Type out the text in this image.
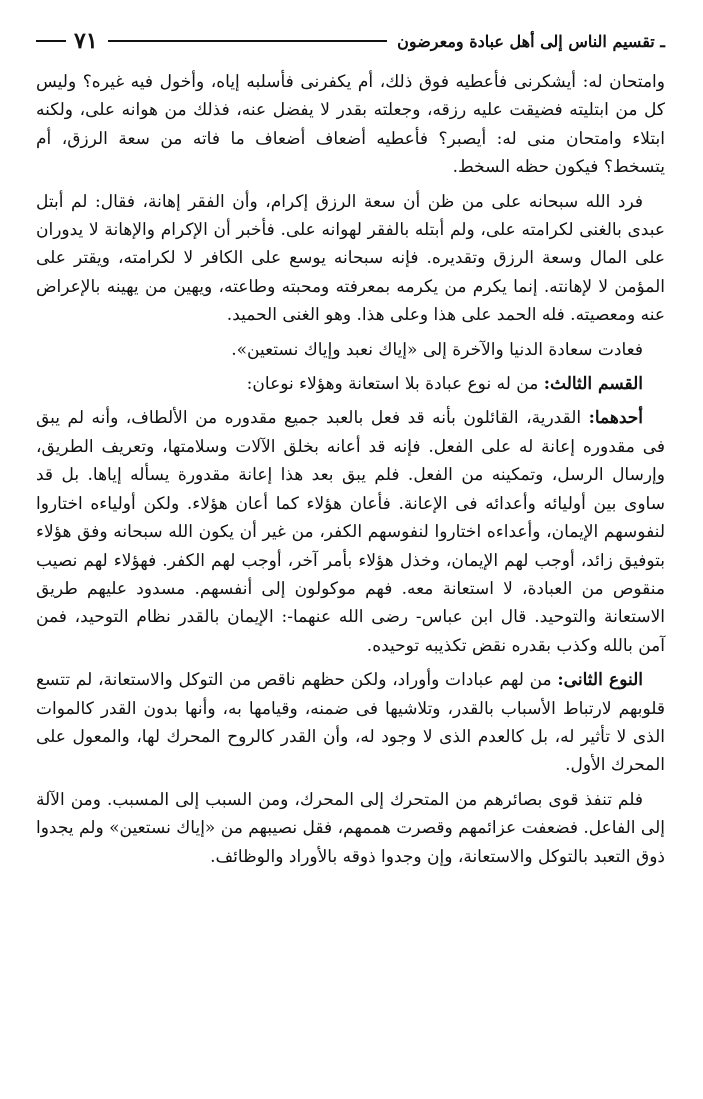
ـ تقسيم الناس إلى أهل عبادة ومعرضون
٧١

وامتحان له: أيشكرنى فأعطيه فوق ذلك، أم يكفرنى فأسلبه إياه، وأخول فيه غيره؟ وليس كل من ابتليته فضيقت عليه رزقه، وجعلته بقدر لا يفضل عنه، فذلك من هوانه على، ولكنه ابتلاء وامتحان منى له: أيصبر؟ فأعطيه أضعاف أضعاف ما فاته من سعة الرزق، أم يتسخط؟ فيكون حظه السخط.

فرد الله سبحانه على من ظن أن سعة الرزق إكرام، وأن الفقر إهانة، فقال: لم أبتل عبدى بالغنى لكرامته على، ولم أبتله بالفقر لهوانه على. فأخبر أن الإكرام والإهانة لا يدوران على المال وسعة الرزق وتقديره. فإنه سبحانه يوسع على الكافر لا لكرامته، ويقتر على المؤمن لا لإهانته. إنما يكرم من يكرمه بمعرفته ومحبته وطاعته، ويهين من يهينه بالإعراض عنه ومعصيته. فله الحمد على هذا وعلى هذا. وهو الغنى الحميد.

فعادت سعادة الدنيا والآخرة إلى «إياك نعبد وإياك نستعين».

القسم الثالث: من له نوع عبادة بلا استعانة وهؤلاء نوعان:

أحدهما: القدرية، القائلون بأنه قد فعل بالعبد جميع مقدوره من الألطاف، وأنه لم يبق فى مقدوره إعانة له على الفعل. فإنه قد أعانه بخلق الآلات وسلامتها، وتعريف الطريق، وإرسال الرسل، وتمكينه من الفعل. فلم يبق بعد هذا إعانة مقدورة يسأله إياها. بل قد ساوى بين أوليائه وأعدائه فى الإعانة. فأعان هؤلاء كما أعان هؤلاء. ولكن أولياءه اختاروا لنفوسهم الإيمان، وأعداءه اختاروا لنفوسهم الكفر، من غير أن يكون الله سبحانه وفق هؤلاء بتوفيق زائد، أوجب لهم الإيمان، وخذل هؤلاء بأمر آخر، أوجب لهم الكفر. فهؤلاء لهم نصيب منقوص من العبادة، لا استعانة معه. فهم موكولون إلى أنفسهم. مسدود عليهم طريق الاستعانة والتوحيد. قال ابن عباس- رضى الله عنهما-: الإيمان بالقدر نظام التوحيد، فمن آمن بالله وكذب بقدره نقض تكذيبه توحيده.

النوع الثانى: من لهم عبادات وأوراد، ولكن حظهم ناقص من التوكل والاستعانة، لم تتسع قلوبهم لارتباط الأسباب بالقدر، وتلاشيها فى ضمنه، وقيامها به، وأنها بدون القدر كالموات الذى لا تأثير له، بل كالعدم الذى لا وجود له، وأن القدر كالروح المحرك لها، والمعول على المحرك الأول.

فلم تنفذ قوى بصائرهم من المتحرك إلى المحرك، ومن السبب إلى المسبب. ومن الآلة إلى الفاعل. فضعفت عزائمهم وقصرت هممهم، فقل نصيبهم من «إياك نستعين» ولم يجدوا ذوق التعبد بالتوكل والاستعانة، وإن وجدوا ذوقه بالأوراد والوظائف.
